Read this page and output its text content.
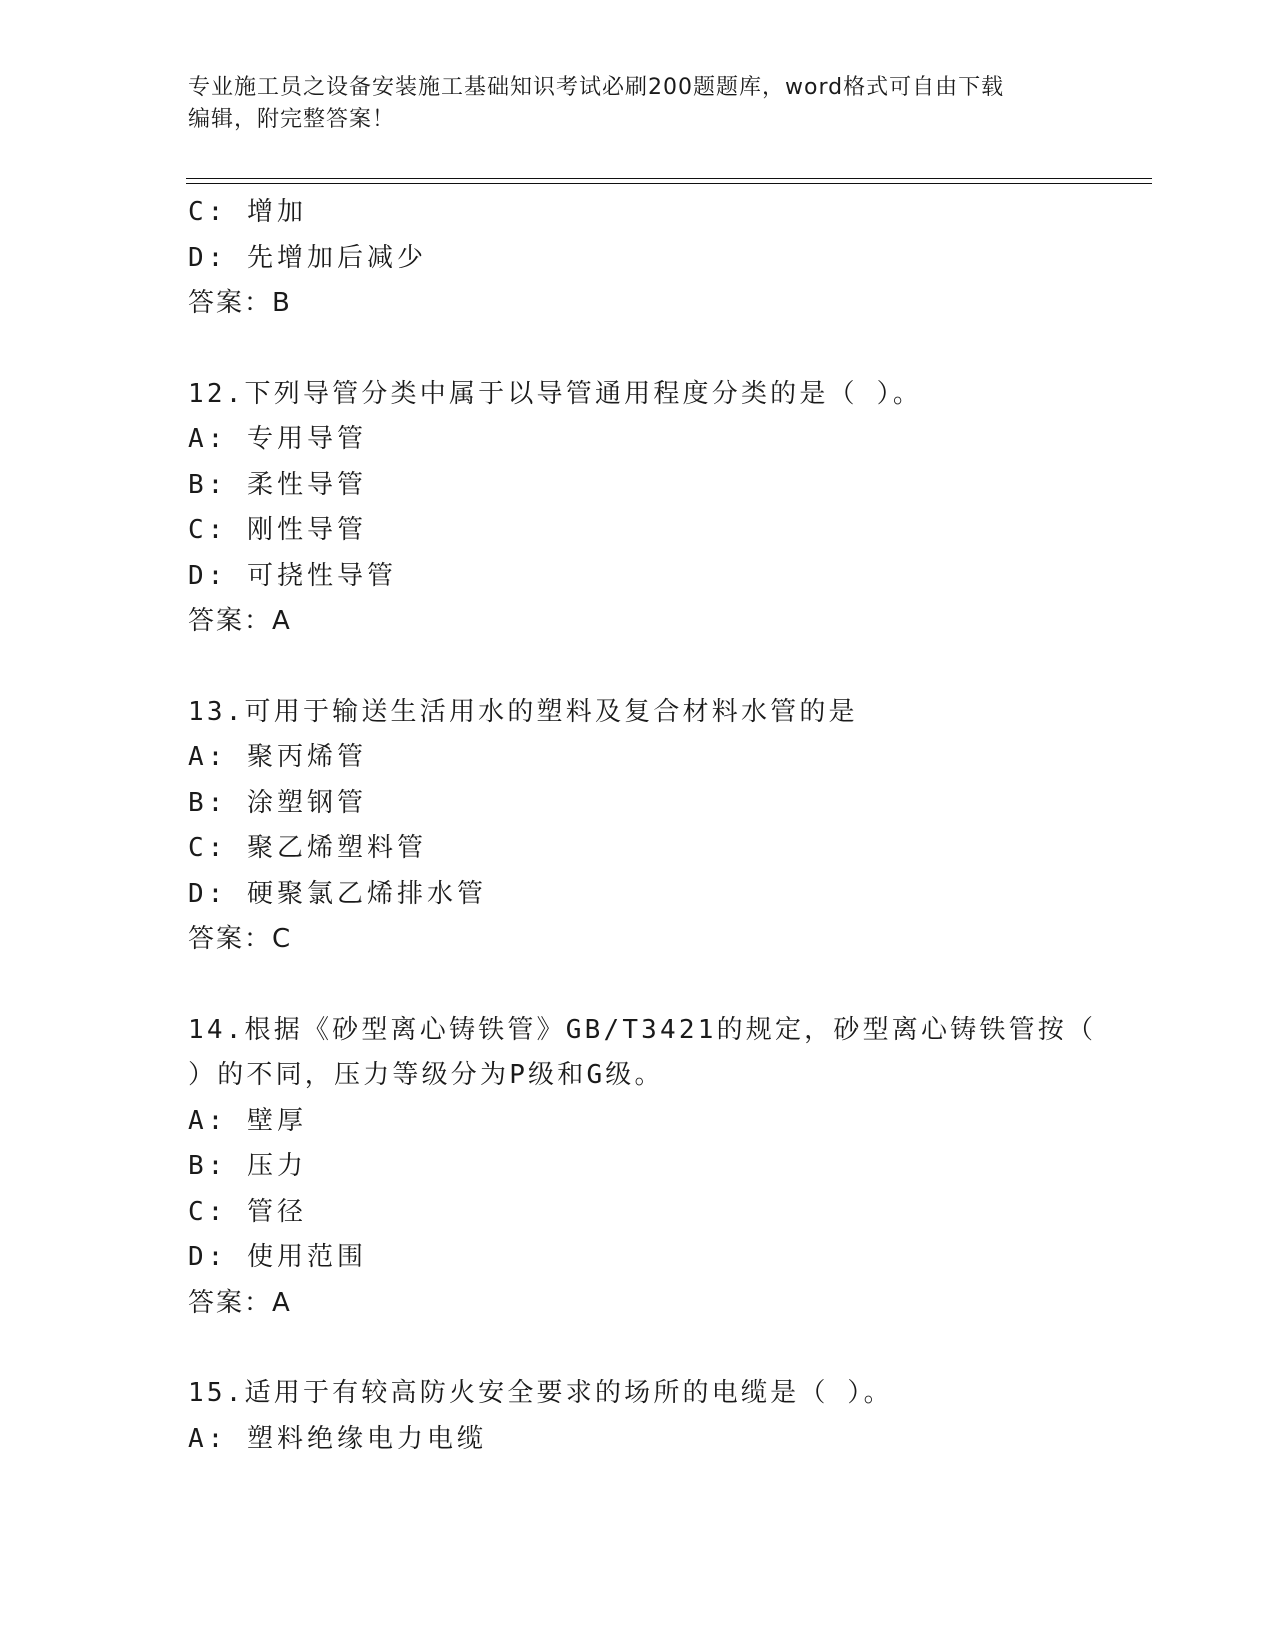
专业施工员之设备安装施工基础知识考试必刷200题题库，word格式可自由下载
编辑，附完整答案！
C: 增加
D: 先增加后减少
答案：B
12.下列导管分类中属于以导管通用程度分类的是（ ）。
A: 专用导管
B: 柔性导管
C: 刚性导管
D: 可挠性导管
答案：A
13.可用于输送生活用水的塑料及复合材料水管的是
A: 聚丙烯管
B: 涂塑钢管
C: 聚乙烯塑料管
D: 硬聚氯乙烯排水管
答案：C
14.根据《砂型离心铸铁管》GB/T3421的规定，砂型离心铸铁管按（
）的不同，压力等级分为P级和G级。
A: 壁厚
B: 压力
C: 管径
D: 使用范围
答案：A
15.适用于有较高防火安全要求的场所的电缆是（ ）。
A: 塑料绝缘电力电缆
